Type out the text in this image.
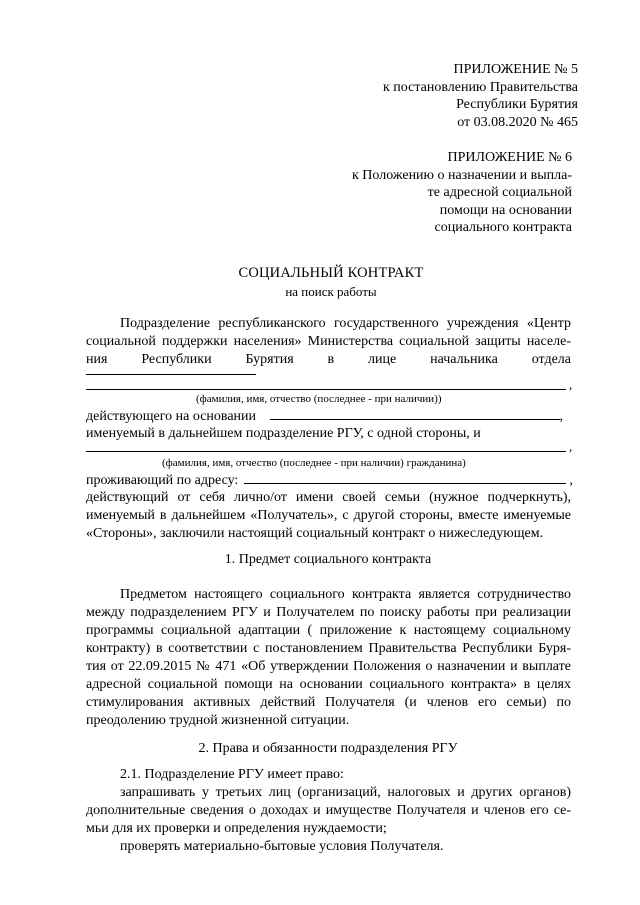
ПРИЛОЖЕНИЕ № 5
к постановлению Правительства
Республики Бурятия
от 03.08.2020 № 465
ПРИЛОЖЕНИЕ № 6
к Положению о назначении и выпла-
те адресной социальной
помощи на основании
социального контракта
СОЦИАЛЬНЫЙ КОНТРАКТ
на поиск работы
Подразделение республиканского государственного учреждения «Центр
социальной поддержки населения» Министерства социальной защиты населе-
ния Республики Бурятия в лице начальника отдела
,
(фамилия, имя, отчество (последнее - при наличии))
действующего на основании	,
именуемый в дальнейшем подразделение РГУ, с одной стороны, и
,
(фамилия, имя, отчество (последнее - при наличии) гражданина)
проживающий по адресу:	,
действующий от себя лично/от имени своей семьи (нужное подчеркнуть),
именуемый в дальнейшем «Получатель», с другой стороны, вместе именуемые
«Стороны», заключили настоящий социальный контракт о нижеследующем.
1. Предмет социального контракта
Предметом настоящего социального контракта является сотрудничество
между подразделением РГУ и Получателем по поиску работы при реализации
программы социальной адаптации ( приложение к настоящему социальному
контракту) в соответствии с постановлением Правительства Республики Буря-
тия от 22.09.2015 № 471 «Об утверждении Положения о назначении и выплате
адресной социальной помощи на основании социального контракта» в целях
стимулирования активных действий Получателя (и членов его семьи) по
преодолению трудной жизненной ситуации.
2. Права и обязанности подразделения РГУ
2.1. Подразделение РГУ имеет право:
запрашивать у третьих лиц (организаций, налоговых и других органов)
дополнительные сведения о доходах и имуществе Получателя и членов его се-
мьи для их проверки и определения нуждаемости;
проверять материально-бытовые условия Получателя.
